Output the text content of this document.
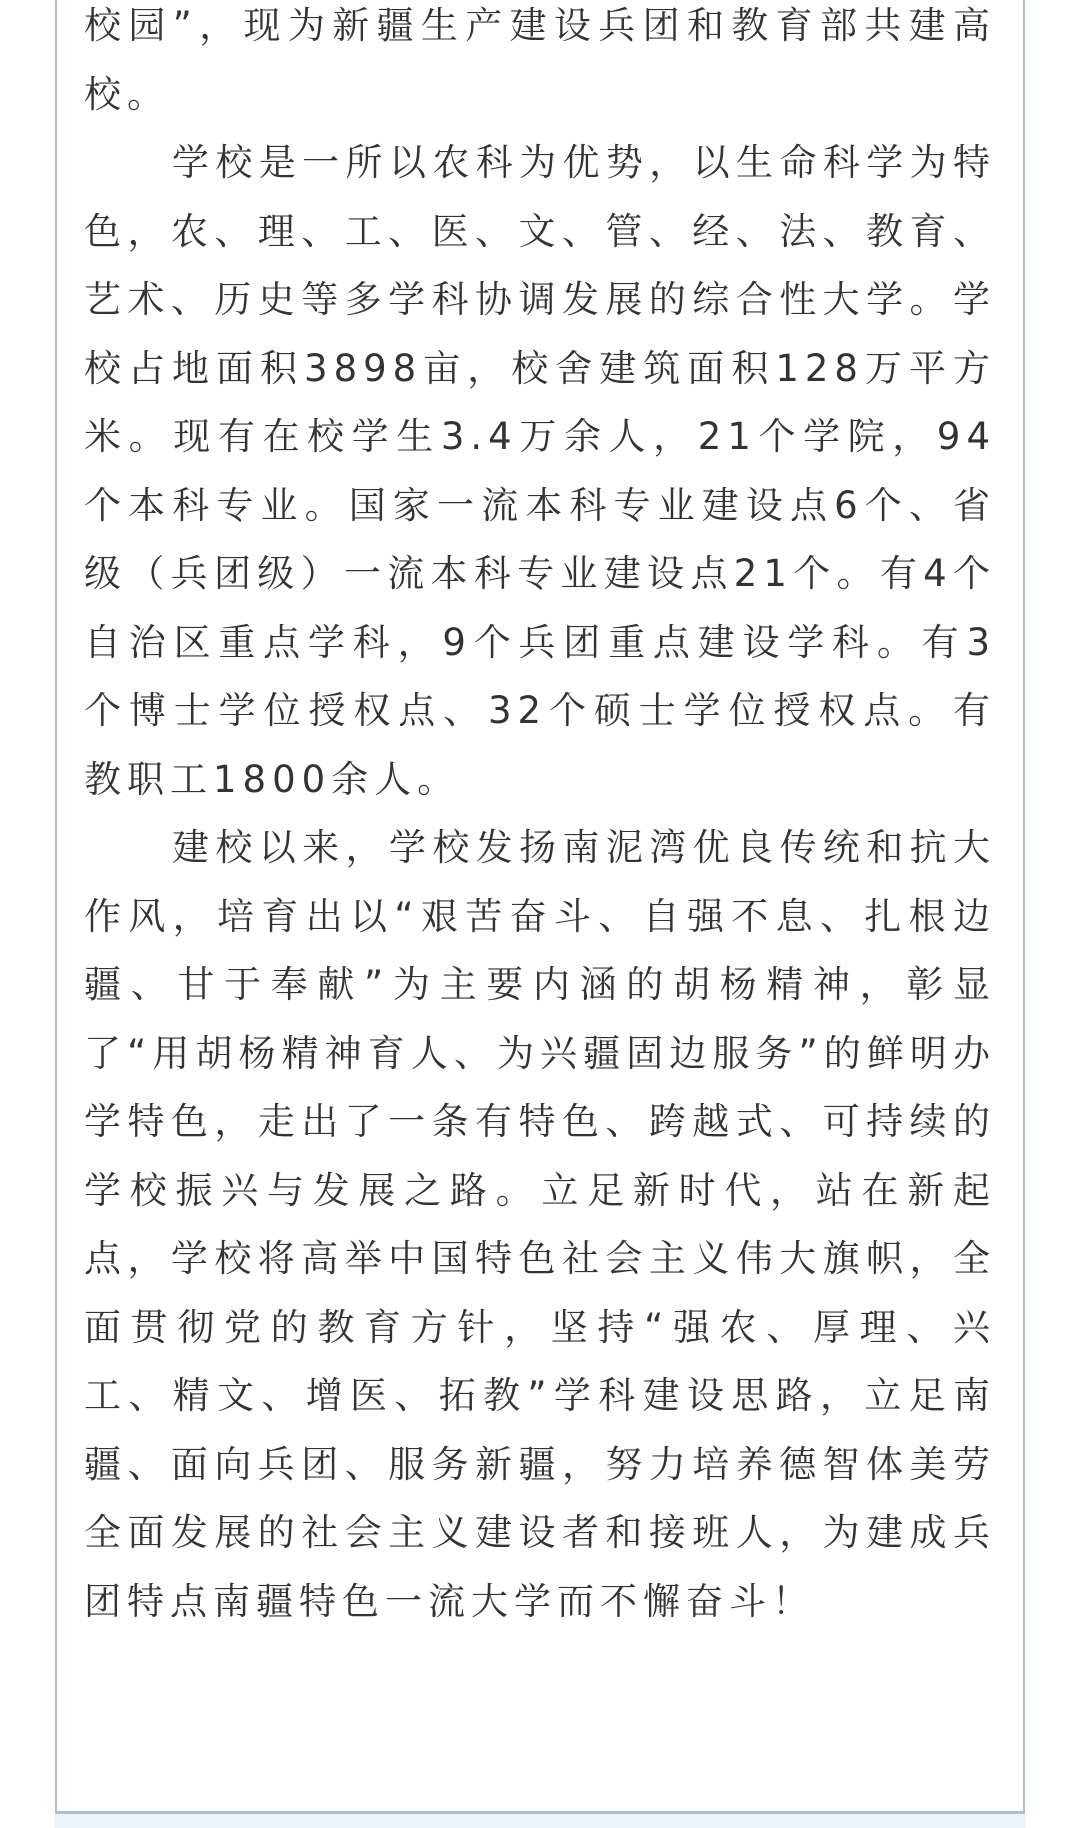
校园”，现为新疆生产建设兵团和教育部共建高校。

学校是一所以农科为优势，以生命科学为特色，农、理、工、医、文、管、经、法、教育、艺术、历史等多学科协调发展的综合性大学。学校占地面积3898亩，校舍建筑面积128万平方米。现有在校学生3.4万余人，21个学院，94个本科专业。国家一流本科专业建设点6个、省级（兵团级）一流本科专业建设点21个。有4个自治区重点学科，9个兵团重点建设学科。有3个博士学位授权点、32个硕士学位授权点。有教职工1800余人。

建校以来，学校发扬南泥湾优良传统和抗大作风，培育出以“艰苦奋斗、自强不息、扎根边疆、甘于奉献”为主要内涵的胡杨精神，彰显了“用胡杨精神育人、为兴疆固边服务”的鲜明办学特色，走出了一条有特色、跨越式、可持续的学校振兴与发展之路。立足新时代，站在新起点，学校将高举中国特色社会主义伟大旗帜，全面贯彻党的教育方针，坚持“强农、厚理、兴工、精文、增医、拓教”学科建设思路，立足南疆、面向兵团、服务新疆，努力培养德智体美劳全面发展的社会主义建设者和接班人，为建成兵团特点南疆特色一流大学而不懈奋斗！
